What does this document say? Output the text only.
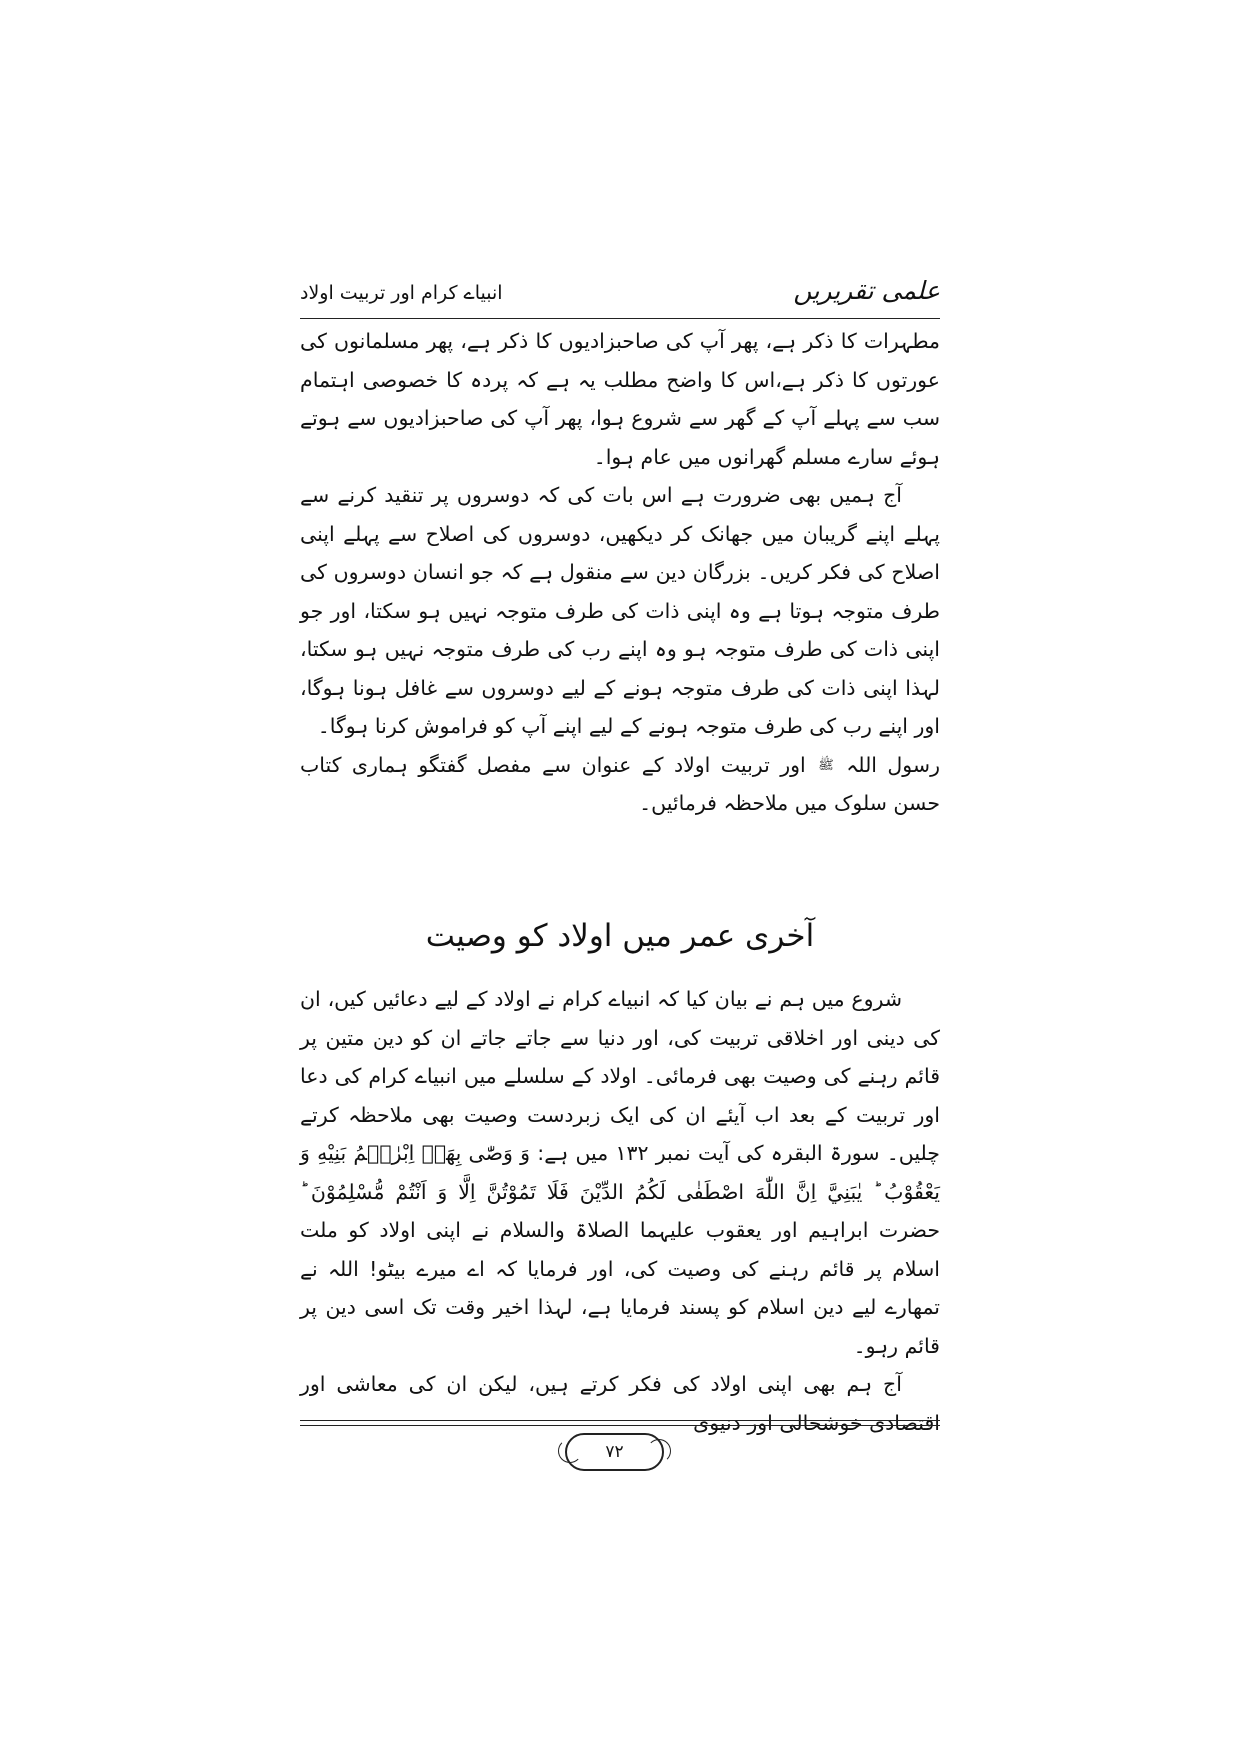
علمی تقریریں
انبیاے کرام اور تربیت اولاد

مطہرات کا ذکر ہے، پھر آپ کی صاحبزادیوں کا ذکر ہے، پھر مسلمانوں کی عورتوں کا ذکر ہے،اس کا واضح مطلب یہ ہے کہ پردہ کا خصوصی اہتمام سب سے پہلے آپ کے گھر سے شروع ہوا، پھر آپ کی صاحبزادیوں سے ہوتے ہوئے سارے مسلم گھرانوں میں عام ہوا۔

آج ہمیں بھی ضرورت ہے اس بات کی کہ دوسروں پر تنقید کرنے سے پہلے اپنے گریبان میں جھانک کر دیکھیں، دوسروں کی اصلاح سے پہلے اپنی اصلاح کی فکر کریں۔ بزرگان دین سے منقول ہے کہ جو انسان دوسروں کی طرف متوجہ ہوتا ہے وہ اپنی ذات کی طرف متوجہ نہیں ہو سکتا، اور جو اپنی ذات کی طرف متوجہ ہو وہ اپنے رب کی طرف متوجہ نہیں ہو سکتا، لہذا اپنی ذات کی طرف متوجہ ہونے کے لیے دوسروں سے غافل ہونا ہوگا، اور اپنے رب کی طرف متوجہ ہونے کے لیے اپنے آپ کو فراموش کرنا ہوگا۔

رسول اللہ ﷺ اور تربیت اولاد کے عنوان سے مفصل گفتگو ہماری کتاب حسن سلوک میں ملاحظہ فرمائیں۔

آخری عمر میں اولاد کو وصیت

شروع میں ہم نے بیان کیا کہ انبیاے کرام نے اولاد کے لیے دعائیں کیں، ان کی دینی اور اخلاقی تربیت کی، اور دنیا سے جاتے جاتے ان کو دین متین پر قائم رہنے کی وصیت بھی فرمائی۔ اولاد کے سلسلے میں انبیاے کرام کی دعا اور تربیت کے بعد اب آیئے ان کی ایک زبردست وصیت بھی ملاحظہ کرتے چلیں۔ سورۃ البقرہ کی آیت نمبر ۱۳۲ میں ہے: وَ وَصّٰى بِهَاۤ اِبْرٰهٖمُ بَنِيْهِ وَ يَعْقُوْبُ ؕ يٰبَنِيَّ اِنَّ اللّٰهَ اصْطَفٰى لَكُمُ الدِّيْنَ فَلَا تَمُوْتُنَّ اِلَّا وَ اَنْتُمْ مُّسْلِمُوْنَ ؕ حضرت ابراہیم اور یعقوب علیہما الصلاۃ والسلام نے اپنی اولاد کو ملت اسلام پر قائم رہنے کی وصیت کی، اور فرمایا کہ اے میرے بیٹو! اللہ نے تمھارے لیے دین اسلام کو پسند فرمایا ہے، لہذا اخیر وقت تک اسی دین پر قائم رہو۔

آج ہم بھی اپنی اولاد کی فکر کرتے ہیں، لیکن ان کی معاشی اور اقتصادی خوشحالی اور دنیوی

۷۲
